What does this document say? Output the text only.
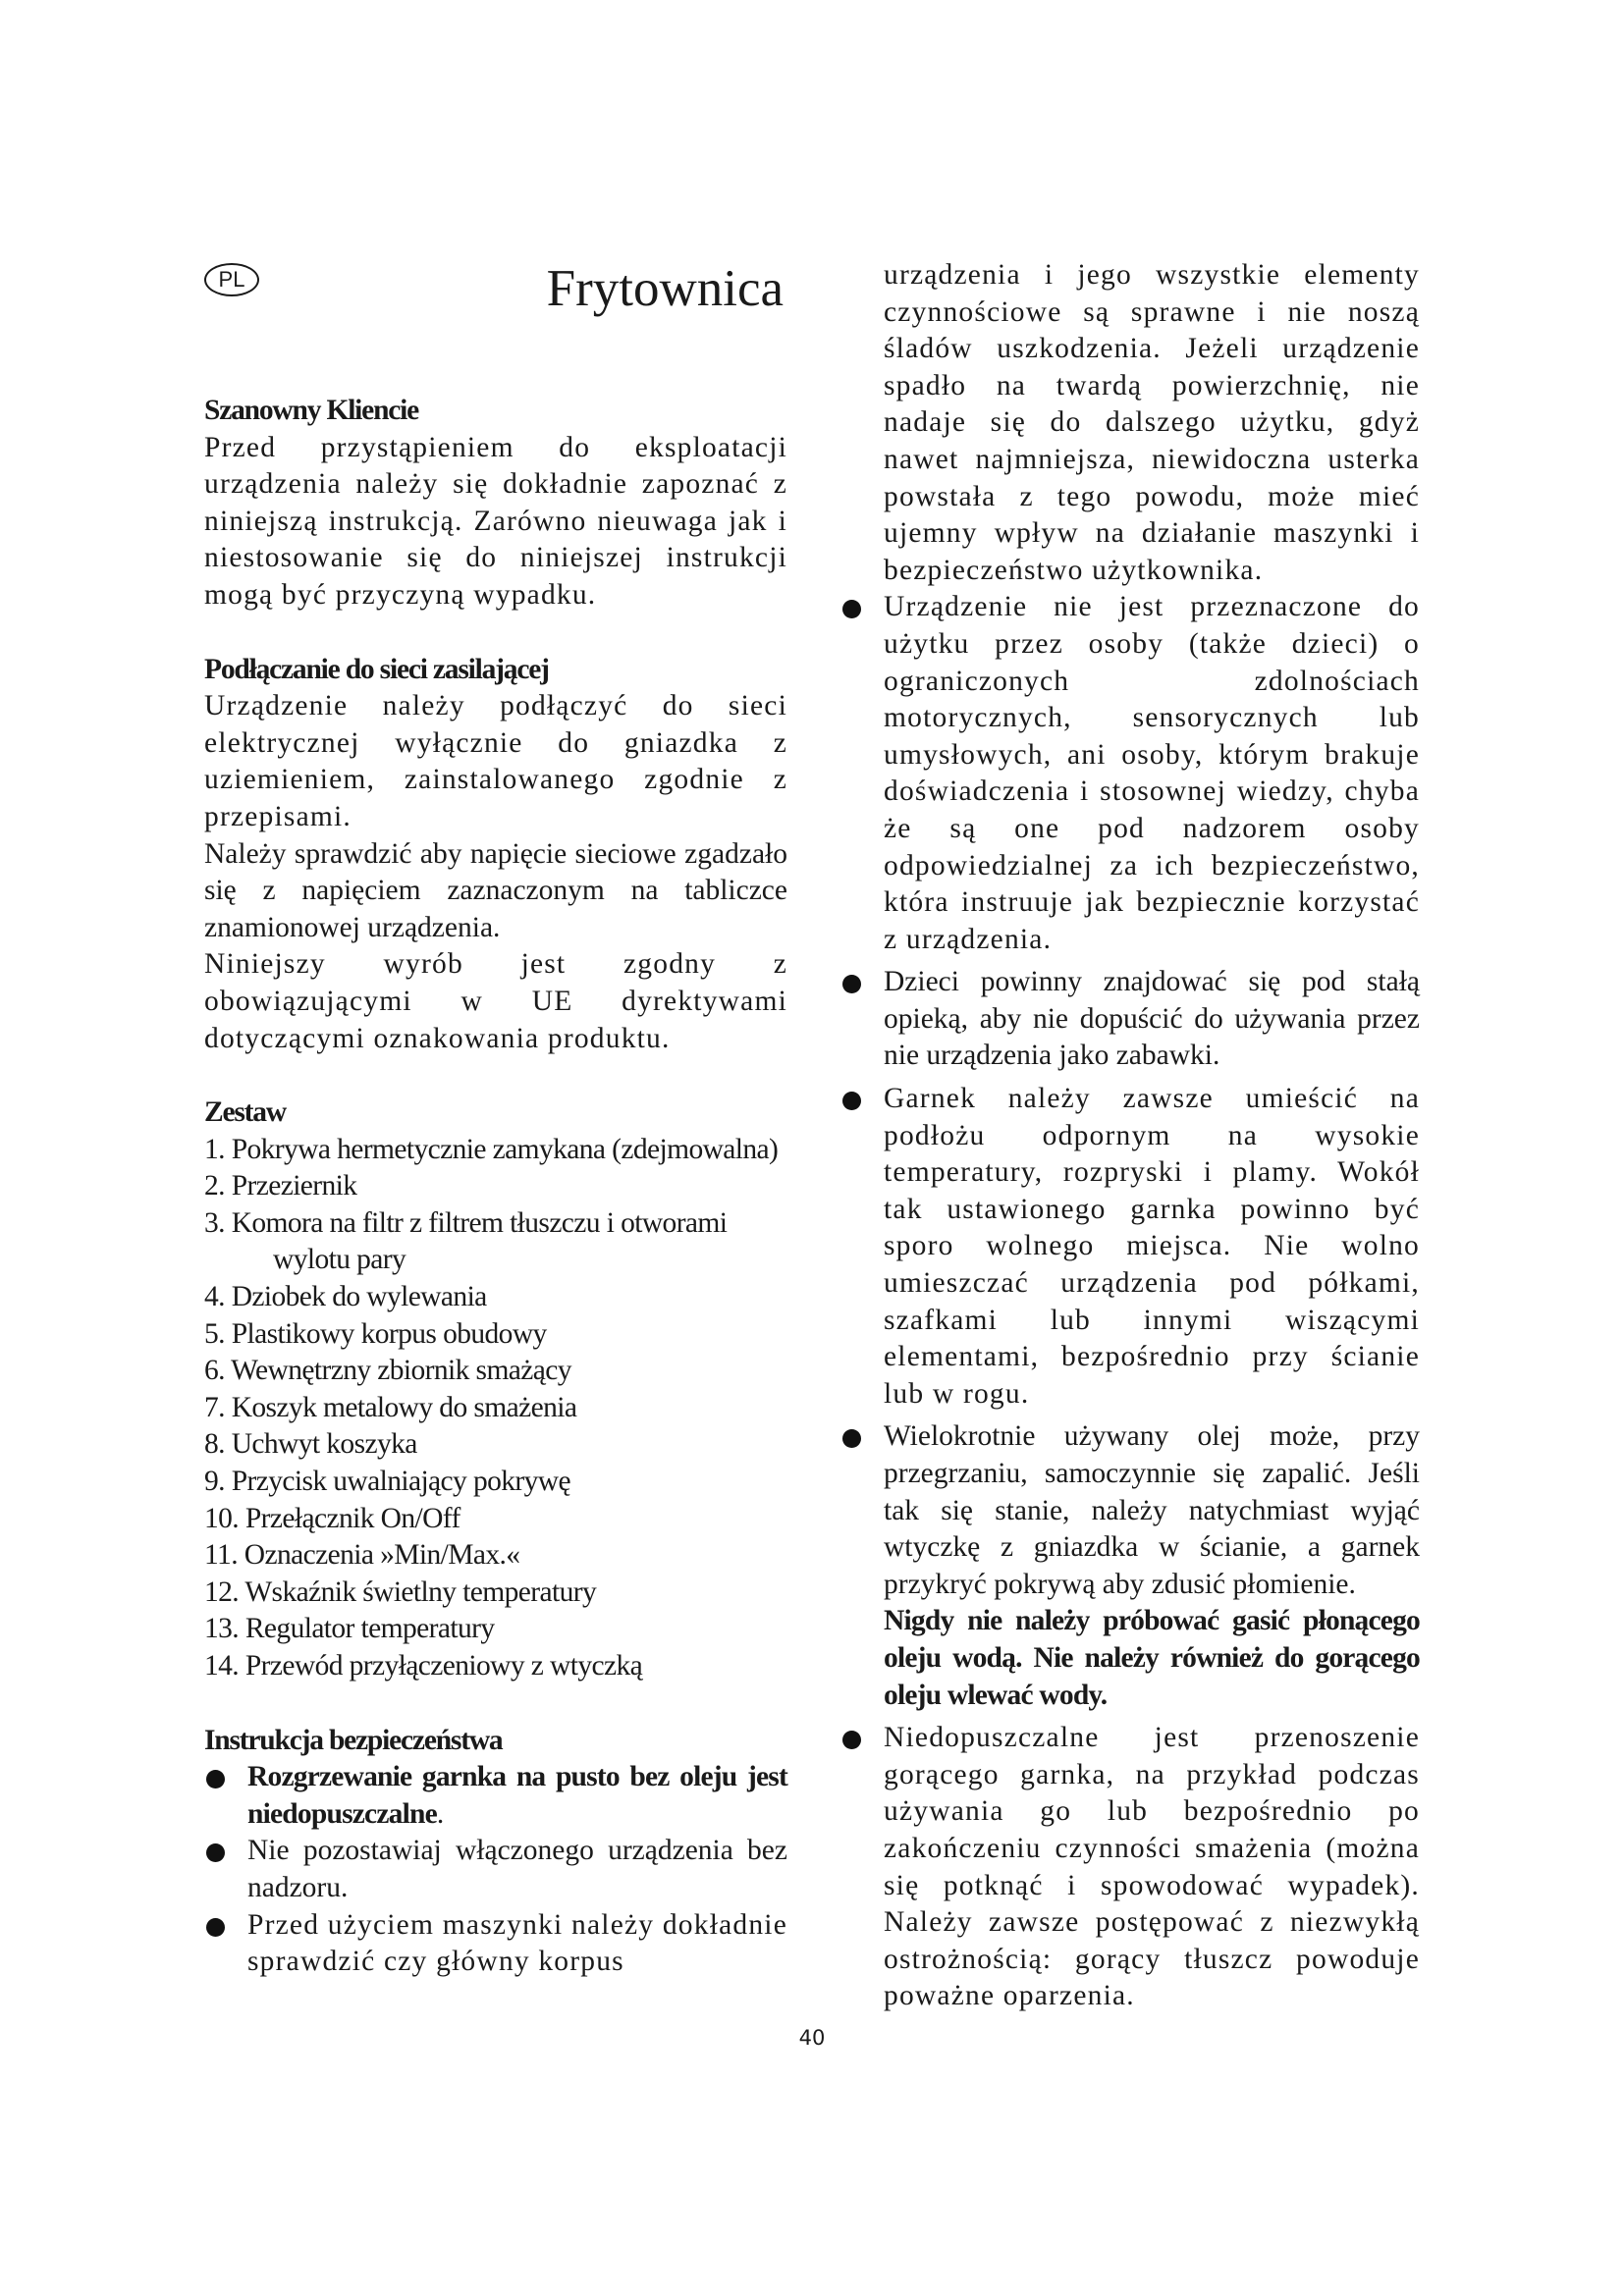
PL	Frytownica
Szanowny Kliencie

Przed przystąpieniem do eksploatacji urządzenia należy się dokładnie zapoznać z niniejszą instrukcją. Zarówno nieuwaga jak i niestosowanie się do niniejszej instrukcji mogą być przyczyną wypadku.

Podłączanie do sieci zasilającej

Urządzenie należy podłączyć do sieci elektrycznej wyłącznie do gniazdka z uziemieniem, zainstalowanego zgodnie z przepisami.

Należy sprawdzić aby napięcie sieciowe zgadzało się z napięciem zaznaczonym na tabliczce znamionowej urządzenia.

Niniejszy wyrób jest zgodny z obowiązującymi w UE dyrektywami dotyczącymi oznakowania produktu.

Zestaw
1. Pokrywa hermetycznie zamykana (zdejmowalna)
2. Przeziernik
3. Komora na filtr z filtrem tłuszczu i otworami wylotu pary
4. Dziobek do wylewania
5. Plastikowy korpus obudowy
6. Wewnętrzny zbiornik smażący
7. Koszyk metalowy do smażenia
8. Uchwyt koszyka
9. Przycisk uwalniający pokrywę
10. Przełącznik On/Off
11. Oznaczenia »Min/Max.«
12. Wskaźnik świetlny temperatury
13. Regulator temperatury
14. Przewód przyłączeniowy z wtyczką
Instrukcja bezpieczeństwa
Rozgrzewanie garnka na pusto bez oleju jest niedopuszczalne.
Nie pozostawiaj włączonego urządzenia bez nadzoru.
Przed użyciem maszynki należy dokładnie sprawdzić czy główny korpus

urządzenia i jego wszystkie elementy czynnościowe są sprawne i nie noszą śladów uszkodzenia. Jeżeli urządzenie spadło na twardą powierzchnię, nie nadaje się do dalszego użytku, gdyż nawet najmniejsza, niewidoczna usterka powstała z tego powodu, może mieć ujemny wpływ na działanie maszynki i bezpieczeństwo użytkownika.

Urządzenie nie jest przeznaczone do użytku przez osoby (także dzieci) o ograniczonych zdolnościach motorycznych, sensorycznych lub umysłowych, ani osoby, którym brakuje doświadczenia i stosownej wiedzy, chyba że są one pod nadzorem osoby odpowiedzialnej za ich bezpieczeństwo, która instruuje jak bezpiecznie korzystać z urządzenia.
Dzieci powinny znajdować się pod stałą opieką, aby nie dopuścić do używania przez nie urządzenia jako zabawki.
Garnek należy zawsze umieścić na podłożu odpornym na wysokie temperatury, rozpryski i plamy. Wokół tak ustawionego garnka powinno być sporo wolnego miejsca. Nie wolno umieszczać urządzenia pod półkami, szafkami lub innymi wiszącymi elementami, bezpośrednio przy ścianie lub w rogu.
Wielokrotnie używany olej może, przy przegrzaniu, samoczynnie się zapalić. Jeśli tak się stanie, należy natychmiast wyjąć wtyczkę z gniazdka w ścianie, a garnek przykryć pokrywą aby zdusić płomienie.
Nigdy nie należy próbować gasić płonącego oleju wodą. Nie należy również do gorącego oleju wlewać wody.
Niedopuszczalne jest przenoszenie gorącego garnka, na przykład podczas używania go lub bezpośrednio po zakończeniu czynności smażenia (można się potknąć i spowodować wypadek). Należy zawsze postępować z niezwykłą ostrożnością: gorący tłuszcz powoduje poważne oparzenia.
40
